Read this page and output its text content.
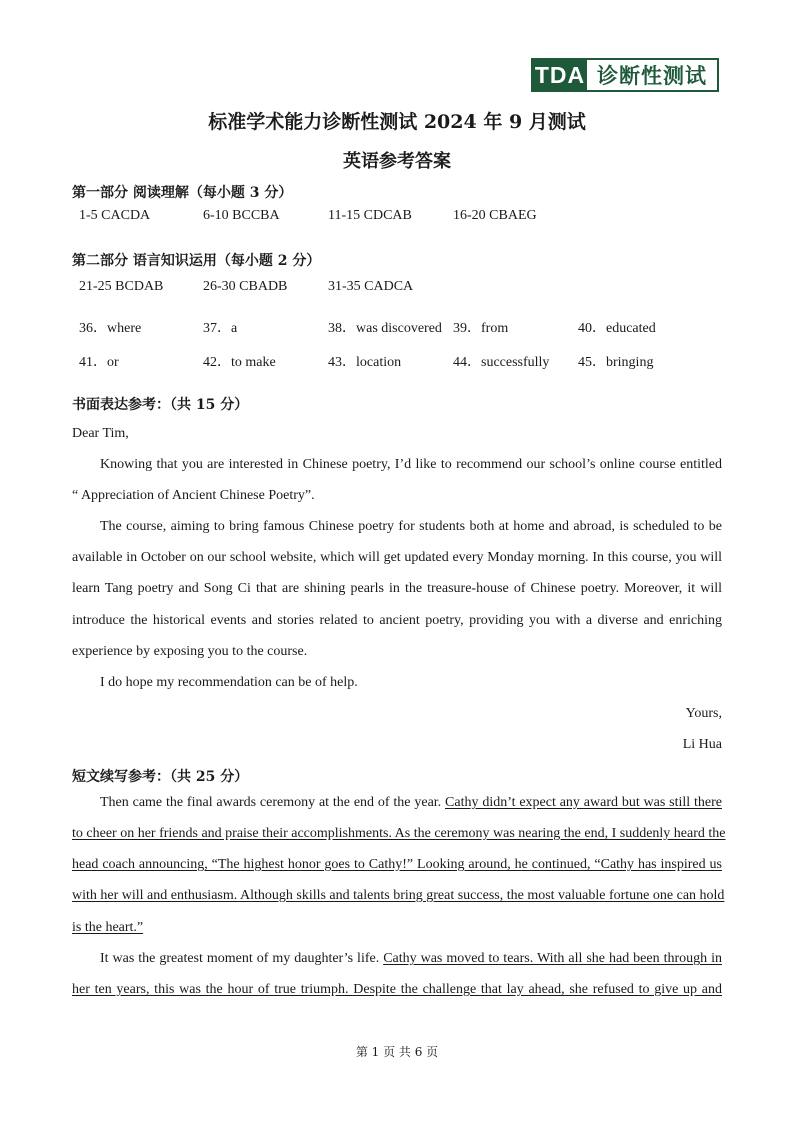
TDA 诊断性测试
标准学术能力诊断性测试 2024 年 9 月测试
英语参考答案
第一部分 阅读理解（每小题 3 分）
1-5 CACDA	6-10 BCCBA	11-15 CDCAB	16-20 CBAEG
第二部分 语言知识运用（每小题 2 分）
21-25 BCDAB	26-30 CBADB	31-35 CADCA
36．where	37．a	38．was discovered 39．from	40．educated
41．or	42．to make	43．location	44．successfully 45．bringing
书面表达参考：（共 15 分）
Dear Tim,
Knowing that you are interested in Chinese poetry, I’d like to recommend our school’s online course entitled
“ Appreciation of Ancient Chinese Poetry”.
The course, aiming to bring famous Chinese poetry for students both at home and abroad, is scheduled to be
available in October on our school website, which will get updated every Monday morning. In this course, you will
learn Tang poetry and Song Ci that are shining pearls in the treasure-house of Chinese poetry. Moreover, it will
introduce the historical events and stories related to ancient poetry, providing you with a diverse and enriching
experience by exposing you to the course.
I do hope my recommendation can be of help.
Yours,
Li Hua
短文续写参考：（共 25 分）
Then came the final awards ceremony at the end of the year. Cathy didn’t expect any award but was still there
to cheer on her friends and praise their accomplishments. As the ceremony was nearing the end, I suddenly heard the
head coach announcing, “The highest honor goes to Cathy!” Looking around, he continued, “Cathy has inspired us
with her will and enthusiasm. Although skills and talents bring great success, the most valuable fortune one can hold
is the heart.”
It was the greatest moment of my daughter’s life. Cathy was moved to tears. With all she had been through in
her ten years, this was the hour of true triumph. Despite the challenge that lay ahead, she refused to give up and
第 1 页 共 6 页
